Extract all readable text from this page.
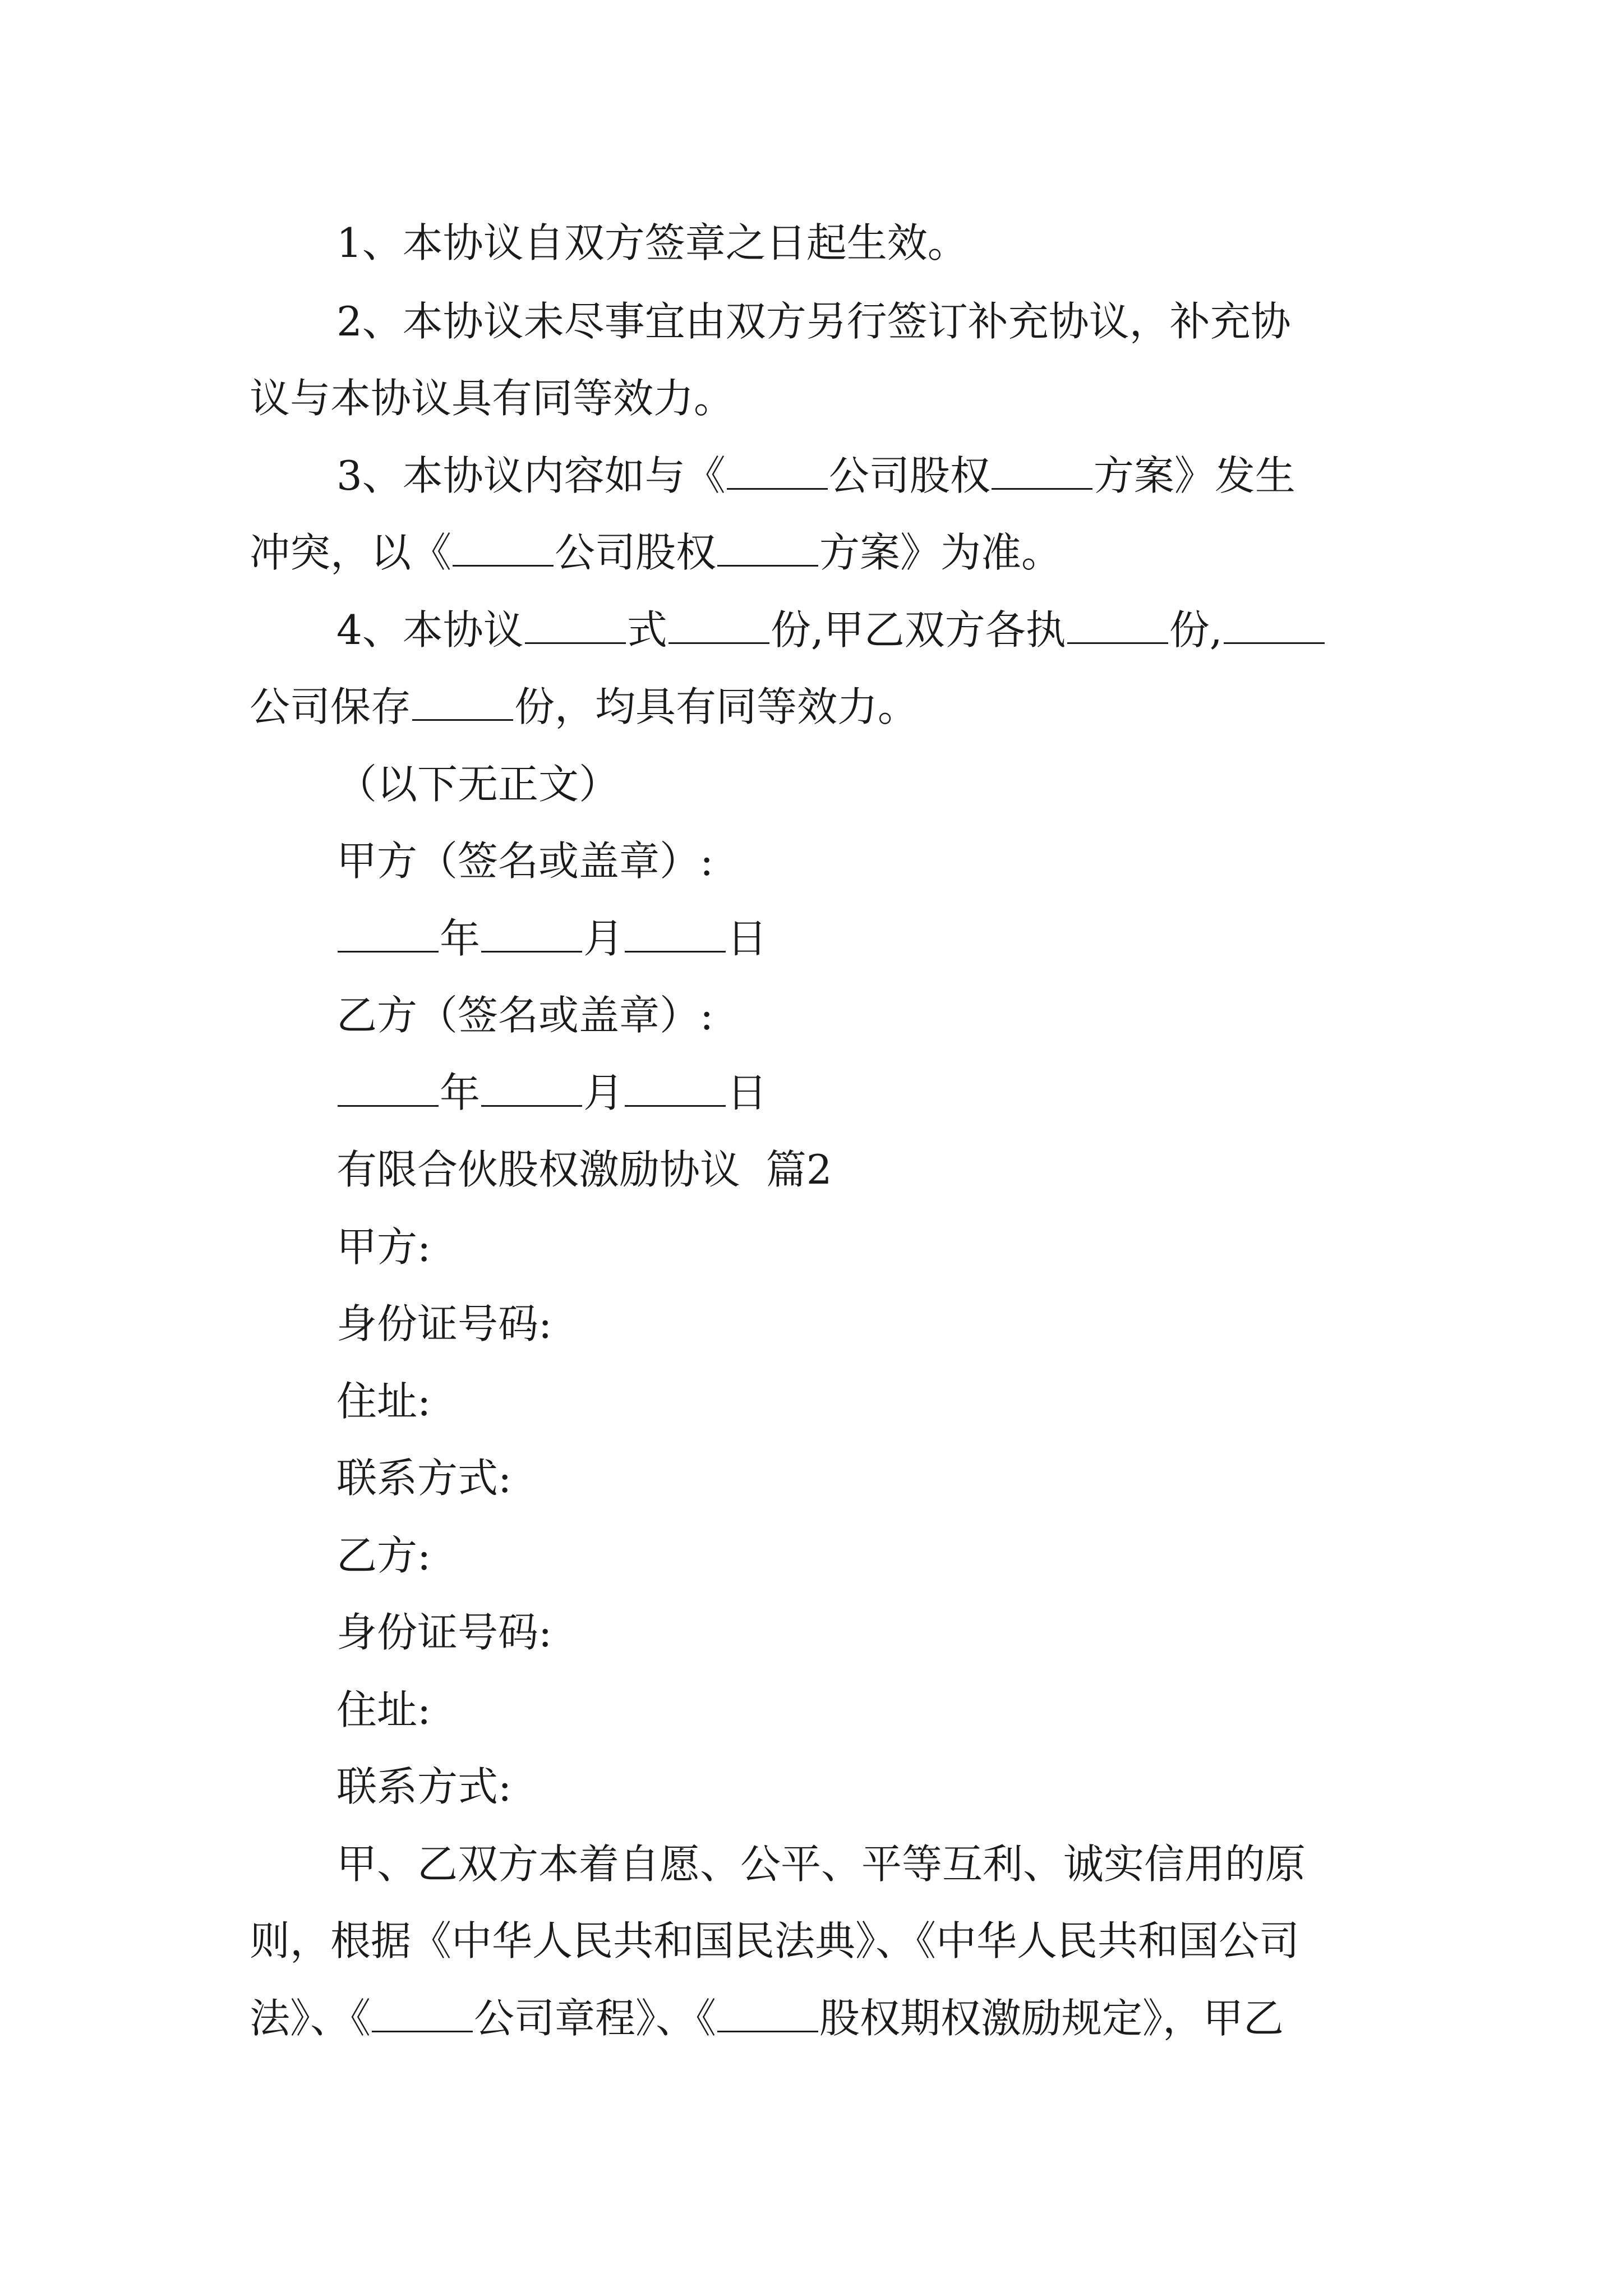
1、本协议自双方签章之日起生效。
2、本协议未尽事宜由双方另行签订补充协议，补充协
议与本协议具有同等效力。
3、本协议内容如与《	公司股权	方案》发生
冲突，以《	公司股权	方案》为准。
4、本协议	式	份,甲乙双方各执	份,
公司保存	份，均具有同等效力。
（以下无正文）
甲方（签名或盖章）:
年	月	日
乙方（签名或盖章）:
年	月	日
有限合伙股权激励协议  篇2
甲方:
身份证号码:
住址:
联系方式:
乙方:
身份证号码:
住址:
联系方式:
甲、乙双方本着自愿、公平、平等互利、诚实信用的原
则，根据《中华人民共和国民法典》、《中华人民共和国公司
法》、《	公司章程》、《	股权期权激励规定》，甲乙
